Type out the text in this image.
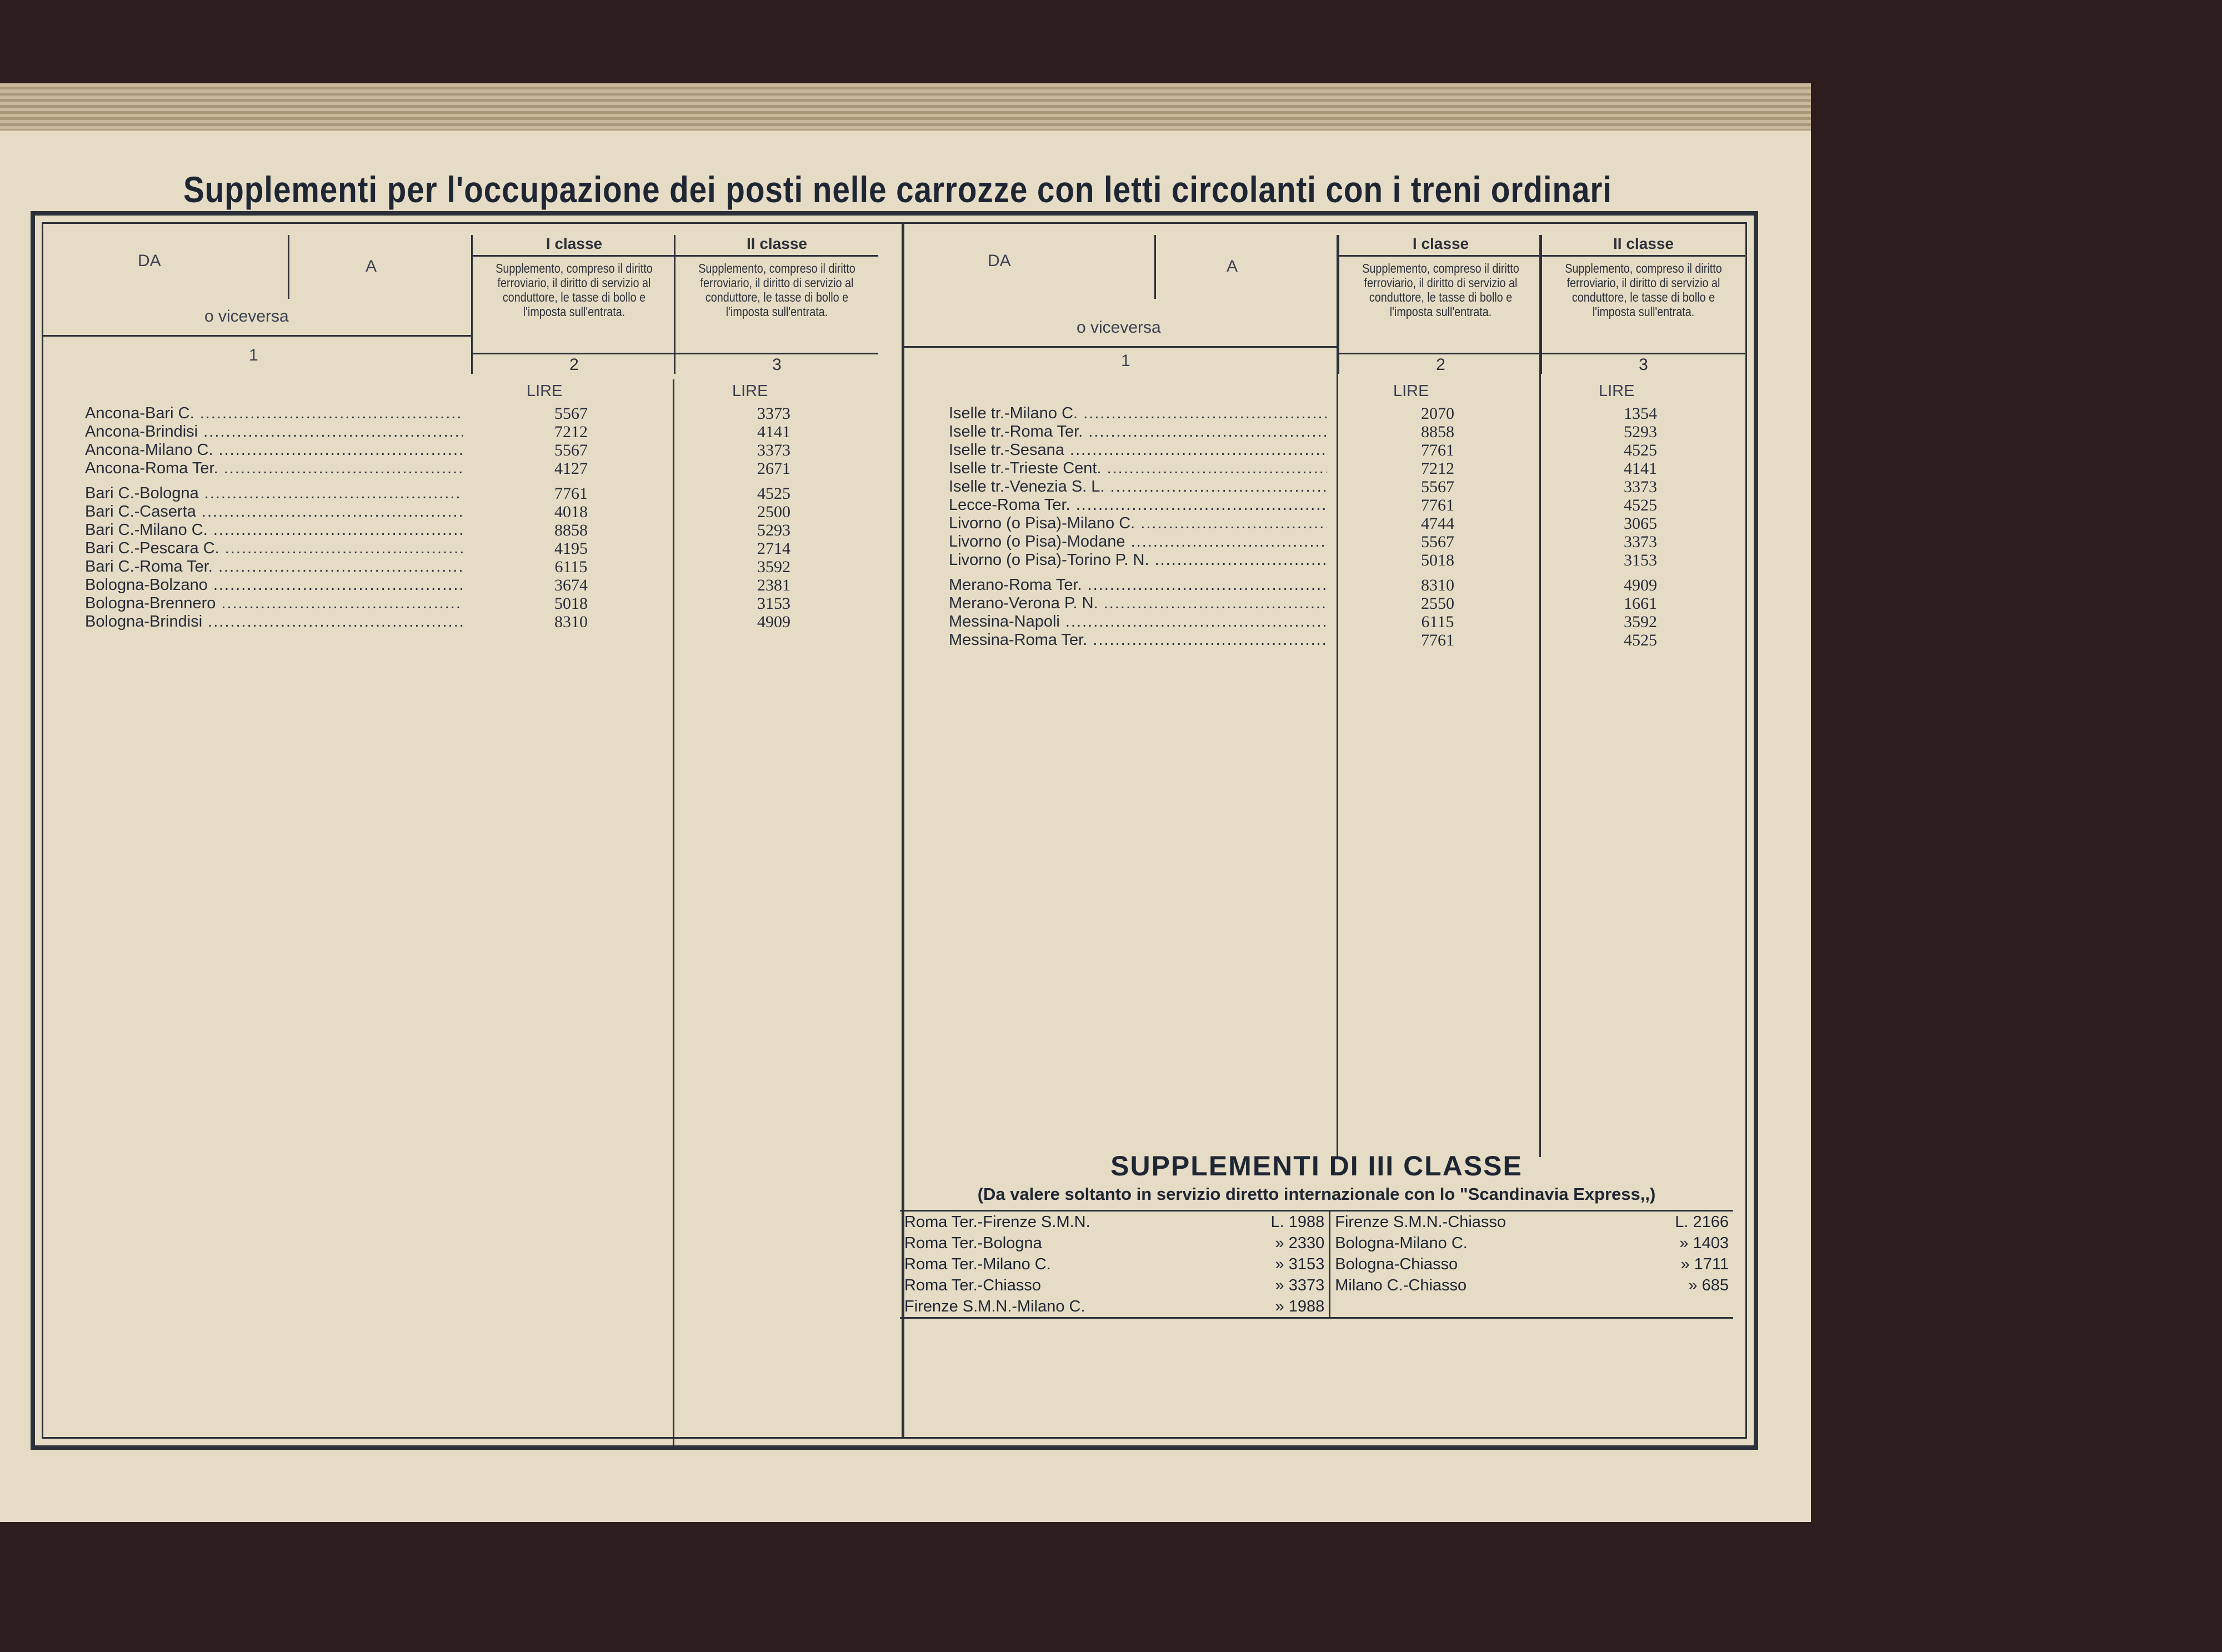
Supplementi per l'occupazione dei posti nelle carrozze con letti circolanti con i treni ordinari
DA	A
o viceversa
1
I classe
Supplemento, compreso il diritto ferroviario, il diritto di servizio al conduttore, le tasse di bollo e l'imposta sull'entrata.
2
II classe
Supplemento, compreso il diritto ferroviario, il diritto di servizio al conduttore, le tasse di bollo e l'imposta sull'entrata.
3
LIRE	LIRE
Ancona-Bari C. .....	5567	3373
Ancona-Brindisi .....	7212	4141
Ancona-Milano C. .....	5567	3373
Ancona-Roma Ter. .....	4127	2671
Bari C.-Bologna .....	7761	4525
Bari C.-Caserta .....	4018	2500
Bari C.-Milano C. .....	8858	5293
Bari C.-Pescara C. .....	4195	2714
Bari C.-Roma Ter. .....	6115	3592
Bologna-Bolzano .....	3674	2381
Bologna-Brennero .....	5018	3153
Bologna-Brindisi .....	8310	4909
DA	A
o viceversa
1
I classe
Supplemento, compreso il diritto ferroviario, il diritto di servizio al conduttore, le tasse di bollo e l'imposta sull'entrata.
2
II classe
Supplemento, compreso il diritto ferroviario, il diritto di servizio al conduttore, le tasse di bollo e l'imposta sull'entrata.
3
LIRE	LIRE
Iselle tr.-Milano C. .....	2070	1354
Iselle tr.-Roma Ter. .....	8858	5293
Iselle tr.-Sesana .....	7761	4525
Iselle tr.-Trieste Cent. .....	7212	4141
Iselle tr.-Venezia S. L. .....	5567	3373
Lecce-Roma Ter. .....	7761	4525
Livorno (o Pisa)-Milano C. .....	4744	3065
Livorno (o Pisa)-Modane .....	5567	3373
Livorno (o Pisa)-Torino P. N. .....	5018	3153
Merano-Roma Ter. .....	8310	4909
Merano-Verona P. N. .....	2550	1661
Messina-Napoli .....	6115	3592
Messina-Roma Ter. .....	7761	4525
SUPPLEMENTI DI III CLASSE
(Da valere soltanto in servizio diretto internazionale con lo "Scandinavia Express,,)
Roma Ter.-Firenze S.M.N.	L. 1988	Firenze S.M.N.-Chiasso	L. 2166
Roma Ter.-Bologna	» 2330	Bologna-Milano C.	» 1403
Roma Ter.-Milano C.	» 3153	Bologna-Chiasso	» 1711
Roma Ter.-Chiasso	» 3373	Milano C.-Chiasso	» 685
Firenze S.M.N.-Milano C.	» 1988		
